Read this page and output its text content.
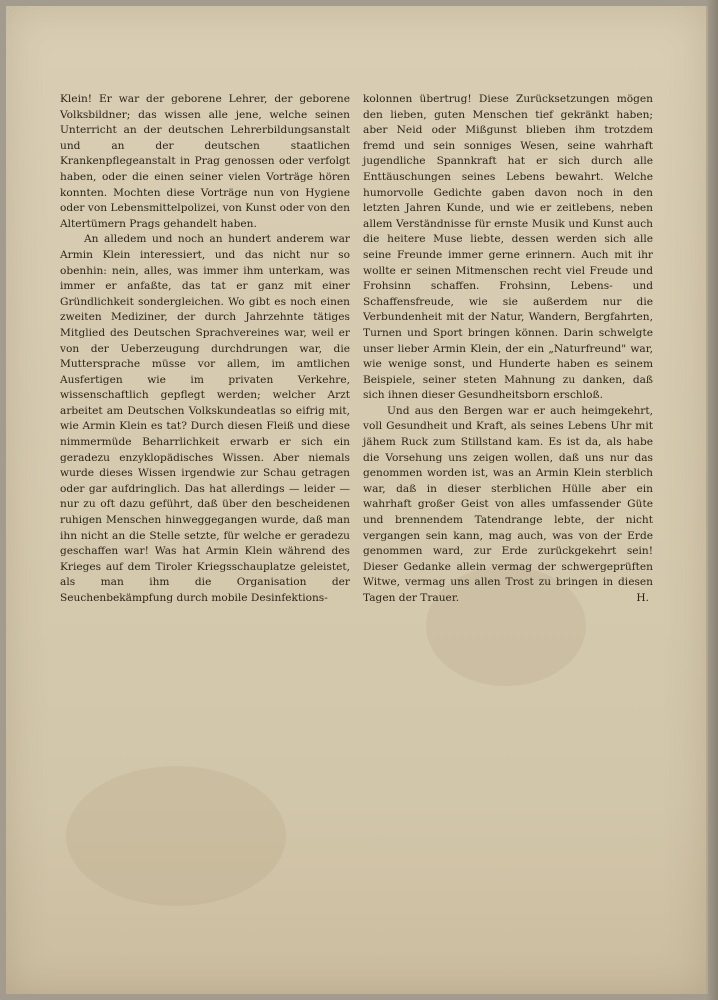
Klein! Er war der geborene Lehrer, der geborene Volksbildner; das wissen alle jene, welche seinen Unterricht an der deutschen Lehrerbildungsanstalt und an der deutschen staatlichen Krankenpflegeanstalt in Prag genossen oder verfolgt haben, oder die einen seiner vielen Vorträge hören konnten. Mochten diese Vorträge nun von Hygiene oder von Lebensmittelpolizei, von Kunst oder von den Altertümern Prags gehandelt haben.

An alledem und noch an hundert anderem war Armin Klein interessiert, und das nicht nur so obenhin: nein, alles, was immer ihm unterkam, was immer er anfaßte, das tat er ganz mit einer Gründlichkeit sondergleichen. Wo gibt es noch einen zweiten Mediziner, der durch Jahrzehnte tätiges Mitglied des Deutschen Sprachvereines war, weil er von der Ueberzeugung durchdrungen war, die Muttersprache müsse vor allem, im amtlichen Ausfertigen wie im privaten Verkehre, wissenschaftlich gepflegt werden; welcher Arzt arbeitet am Deutschen Volkskundeatlas so eifrig mit, wie Armin Klein es tat? Durch diesen Fleiß und diese nimmermüde Beharrlichkeit erwarb er sich ein geradezu enzyklopädisches Wissen. Aber niemals wurde dieses Wissen irgendwie zur Schau getragen oder gar aufdringlich. Das hat allerdings — leider — nur zu oft dazu geführt, daß über den bescheidenen ruhigen Menschen hinweggegangen wurde, daß man ihn nicht an die Stelle setzte, für welche er geradezu geschaffen war! Was hat Armin Klein während des Krieges auf dem Tiroler Kriegsschauplatze geleistet, als man ihm die Organisation der Seuchenbekämpfung durch mobile Desinfektions-

kolonnen übertrug! Diese Zurücksetzungen mögen den lieben, guten Menschen tief gekränkt haben; aber Neid oder Mißgunst blieben ihm trotzdem fremd und sein sonniges Wesen, seine wahrhaft jugendliche Spannkraft hat er sich durch alle Enttäuschungen seines Lebens bewahrt. Welche humorvolle Gedichte gaben davon noch in den letzten Jahren Kunde, und wie er zeitlebens, neben allem Verständnisse für ernste Musik und Kunst auch die heitere Muse liebte, dessen werden sich alle seine Freunde immer gerne erinnern. Auch mit ihr wollte er seinen Mitmenschen recht viel Freude und Frohsinn schaffen. Frohsinn, Lebens- und Schaffensfreude, wie sie außerdem nur die Verbundenheit mit der Natur, Wandern, Bergfahrten, Turnen und Sport bringen können. Darin schwelgte unser lieber Armin Klein, der ein „Naturfreund" war, wie wenige sonst, und Hunderte haben es seinem Beispiele, seiner steten Mahnung zu danken, daß sich ihnen dieser Gesundheitsborn erschloß.

Und aus den Bergen war er auch heimgekehrt, voll Gesundheit und Kraft, als seines Lebens Uhr mit jähem Ruck zum Stillstand kam. Es ist da, als habe die Vorsehung uns zeigen wollen, daß uns nur das genommen worden ist, was an Armin Klein sterblich war, daß in dieser sterblichen Hülle aber ein wahrhaft großer Geist von alles umfassender Güte und brennendem Tatendrange lebte, der nicht vergangen sein kann, mag auch, was von der Erde genommen ward, zur Erde zurückgekehrt sein! Dieser Gedanke allein vermag der schwergeprüften Witwe, vermag uns allen Trost zu bringen in diesen Tagen der Trauer.	H.
